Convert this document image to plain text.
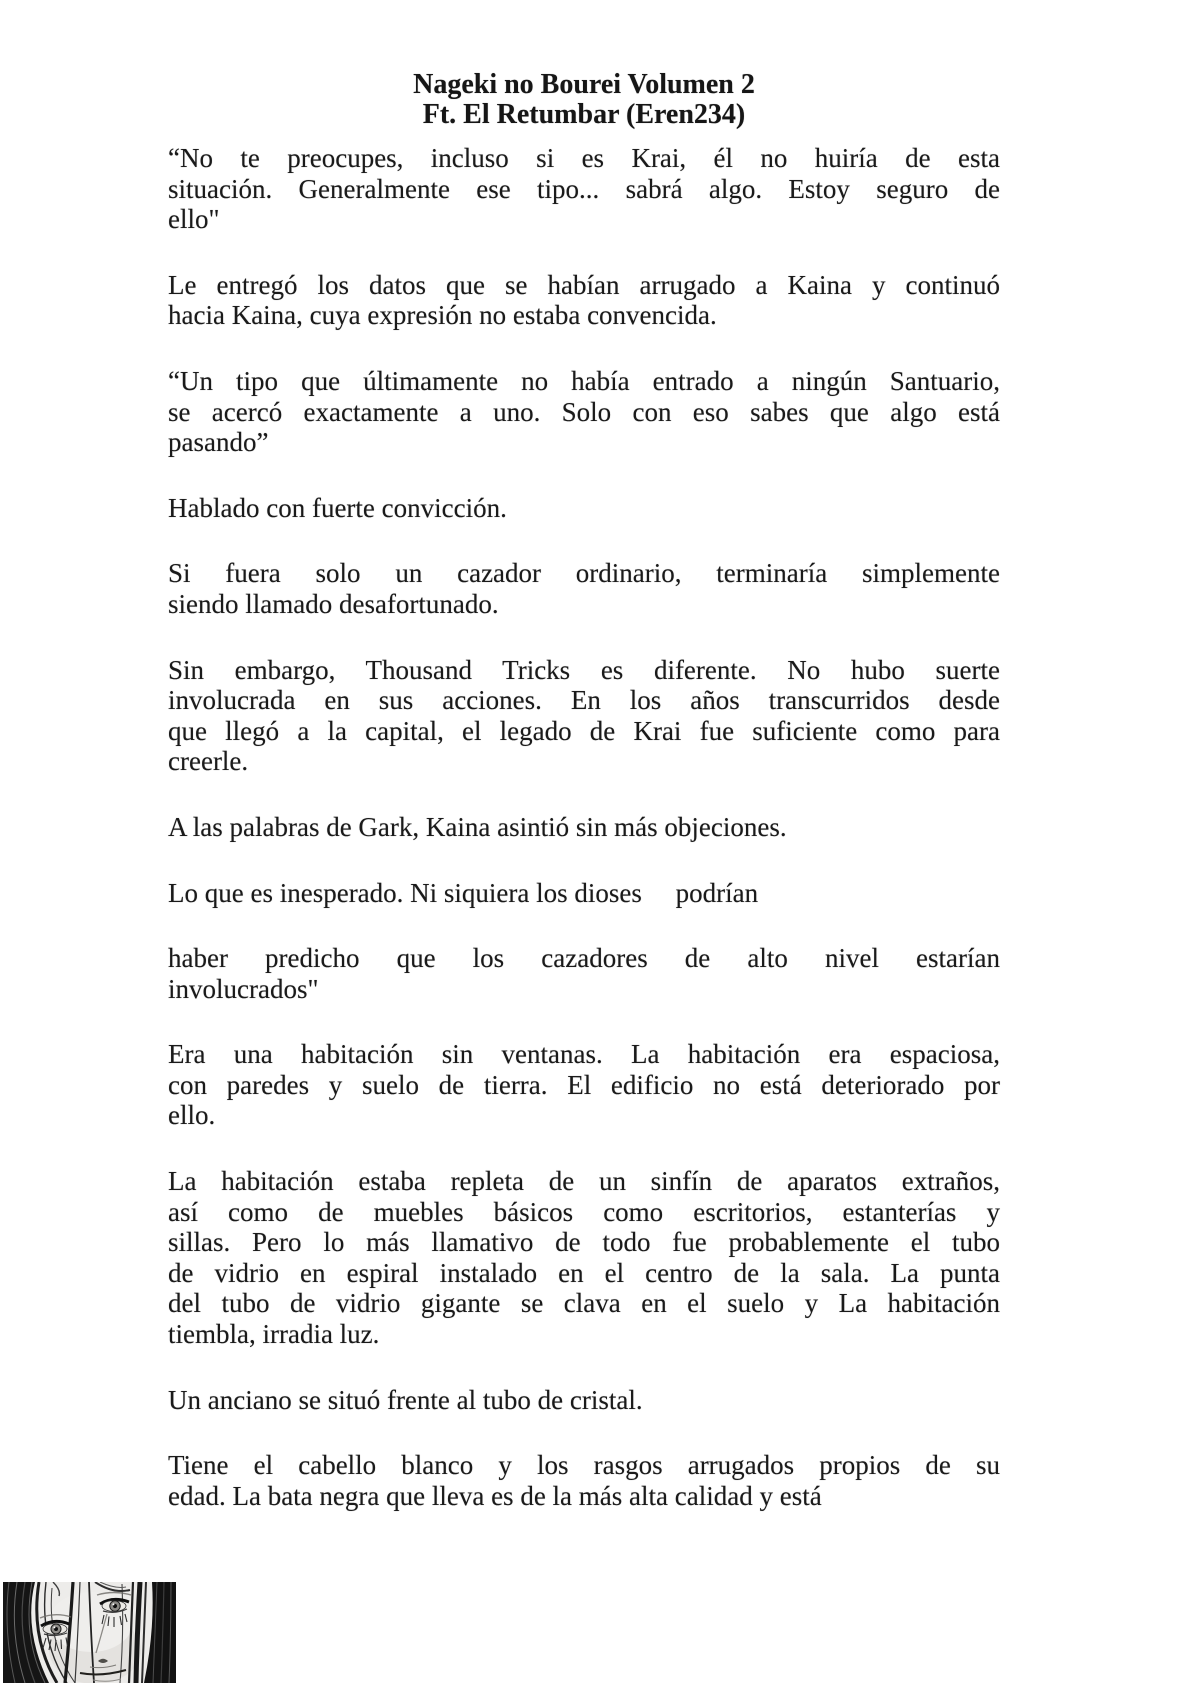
Nageki no Bourei Volumen 2
Ft. El Retumbar (Eren234)
“No te preocupes, incluso si es Krai, él no huiría de esta
situación. Generalmente ese tipo... sabrá algo. Estoy seguro de
ello"
Le entregó los datos que se habían arrugado a Kaina y continuó
hacia Kaina, cuya expresión no estaba convencida.
“Un tipo que últimamente no había entrado a ningún Santuario,
se acercó exactamente a uno. Solo con eso sabes que algo está
pasando”
Hablado con fuerte convicción.
Si fuera solo un cazador ordinario, terminaría simplemente
siendo llamado desafortunado.
Sin embargo, Thousand Tricks es diferente. No hubo suerte
involucrada en sus acciones. En los años transcurridos desde
que llegó a la capital, el legado de Krai fue suficiente como para
creerle.
A las palabras de Gark, Kaina asintió sin más objeciones.
Lo que es inesperado. Ni siquiera los dioses  podrían
haber predicho que los cazadores de alto nivel estarían
involucrados"
Era una habitación sin ventanas. La habitación era espaciosa,
con paredes y suelo de tierra. El edificio no está deteriorado por
ello.
La habitación estaba repleta de un sinfín de aparatos extraños,
así como de muebles básicos como escritorios, estanterías y
sillas. Pero lo más llamativo de todo fue probablemente el tubo
de vidrio en espiral instalado en el centro de la sala. La punta
del tubo de vidrio gigante se clava en el suelo y La habitación
tiembla, irradia luz.
Un anciano se situó frente al tubo de cristal.
Tiene el cabello blanco y los rasgos arrugados propios de su
edad. La bata negra que lleva es de la más alta calidad y está
